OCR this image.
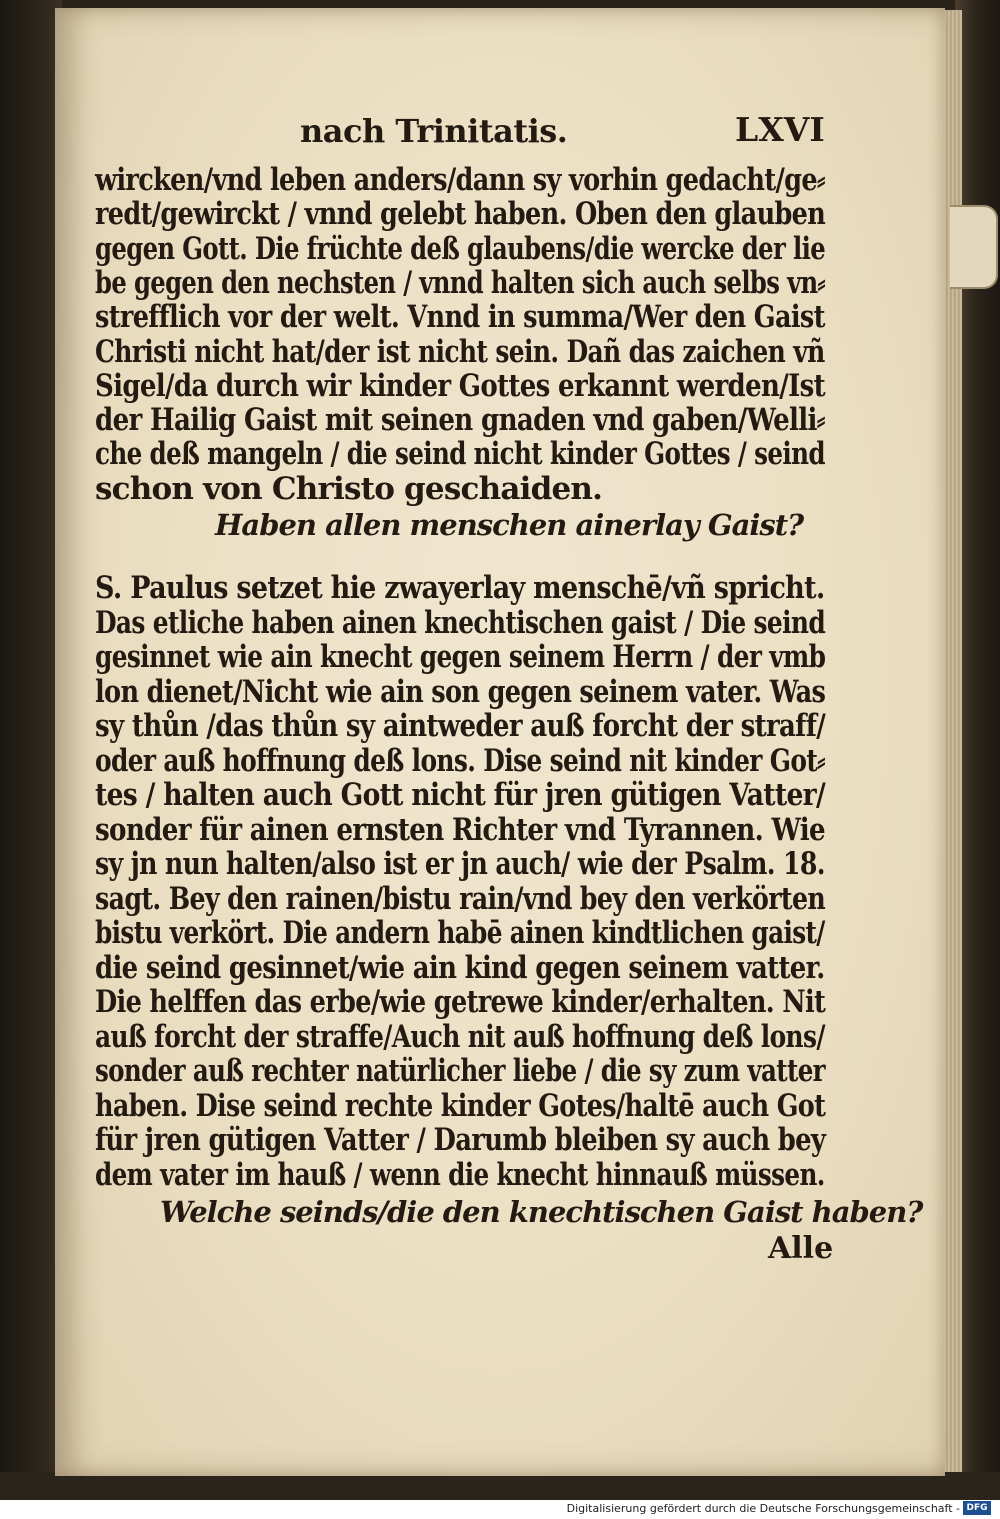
nach Trinitatis.	LXVI
wircken/vnd leben anders/dann sy vorhin gedacht/ge⸗
redt/gewirckt / vnnd gelebt haben. Oben den glauben
gegen Gott. Die früchte deß glaubens/die wercke der lie
be gegen den nechsten / vnnd halten sich auch selbs vn⸗
strefflich vor der welt. Vnnd in summa/Wer den Gaist
Christi nicht hat/der ist nicht sein. Dañ das zaichen vñ
Sigel/da durch wir kinder Gottes erkannt werden/Ist
der Hailig Gaist mit seinen gnaden vnd gaben/Welli⸗
che deß mangeln / die seind nicht kinder Gottes / seind
schon von Christo geschaiden.
Haben allen menschen ainerlay Gaist?
S. Paulus setzet hie zwayerlay menschē/vñ spricht.
Das etliche haben ainen knechtischen gaist / Die seind
gesinnet wie ain knecht gegen seinem Herrn / der vmb
lon dienet/Nicht wie ain son gegen seinem vater. Was
sy thůn /das thůn sy aintweder auß forcht der straff/
oder auß hoffnung deß lons. Dise seind nit kinder Got⸗
tes / halten auch Gott nicht für jren gütigen Vatter/
sonder für ainen ernsten Richter vnd Tyrannen. Wie
sy jn nun halten/also ist er jn auch/ wie der Psalm. 18.
sagt. Bey den rainen/bistu rain/vnd bey den verkörten
bistu verkört. Die andern habē ainen kindtlichen gaist/
die seind gesinnet/wie ain kind gegen seinem vatter.
Die helffen das erbe/wie getrewe kinder/erhalten. Nit
auß forcht der straffe/Auch nit auß hoffnung deß lons/
sonder auß rechter natürlicher liebe / die sy zum vatter
haben. Dise seind rechte kinder Gotes/haltē auch Got
für jren gütigen Vatter / Darumb bleiben sy auch bey
dem vater im hauß / wenn die knecht hinnauß müssen.
Welche seinds/die den knechtischen Gaist haben?
Alle
Digitalisierung gefördert durch die Deutsche Forschungsgemeinschaft - DFG
